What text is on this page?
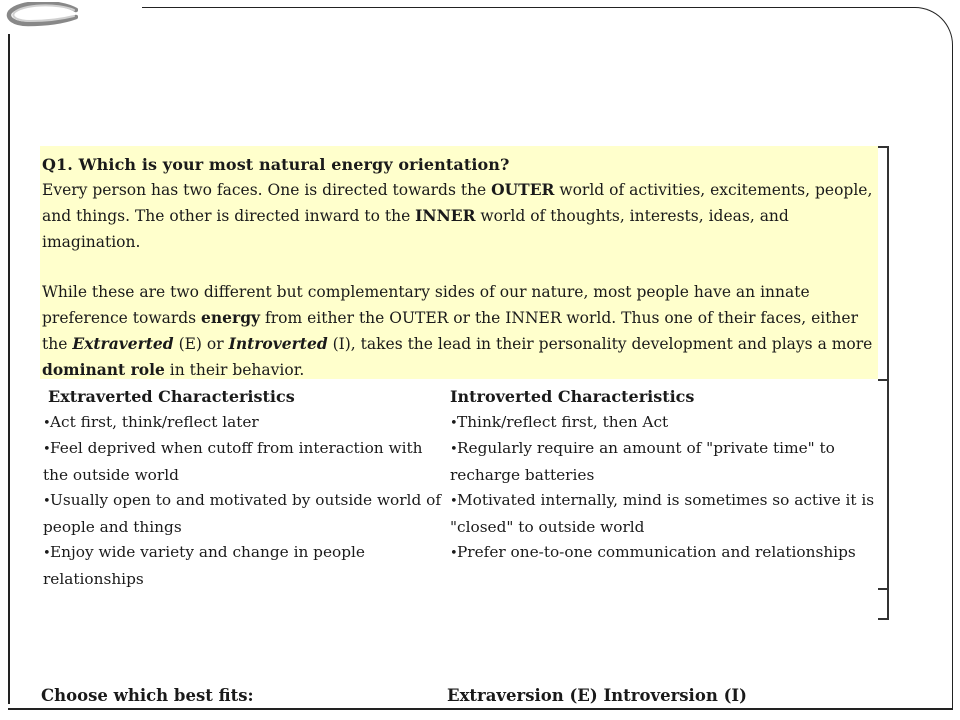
Q1. Which is your most natural energy orientation?

Every person has two faces. One is directed towards the OUTER world of activities, excitements, people, and things. The other is directed inward to the INNER world of thoughts, interests, ideas, and imagination.

While these are two different but complementary sides of our nature, most people have an innate preference towards energy from either the OUTER or the INNER world. Thus one of their faces, either the Extraverted (E) or Introverted (I), takes the lead in their personality development and plays a more dominant role in their behavior.

Extraverted Characteristics

•Act first, think/reflect later
•Feel deprived when cutoff from interaction with the outside world
•Usually open to and motivated by outside world of people and things
•Enjoy wide variety and change in people relationships

Introverted Characteristics

•Think/reflect first, then Act
•Regularly require an amount of "private time" to recharge batteries
•Motivated internally, mind is sometimes so active it is "closed" to outside world
•Prefer one-to-one communication and relationships
Choose which best fits:	Extraversion (E) Introversion (I)
